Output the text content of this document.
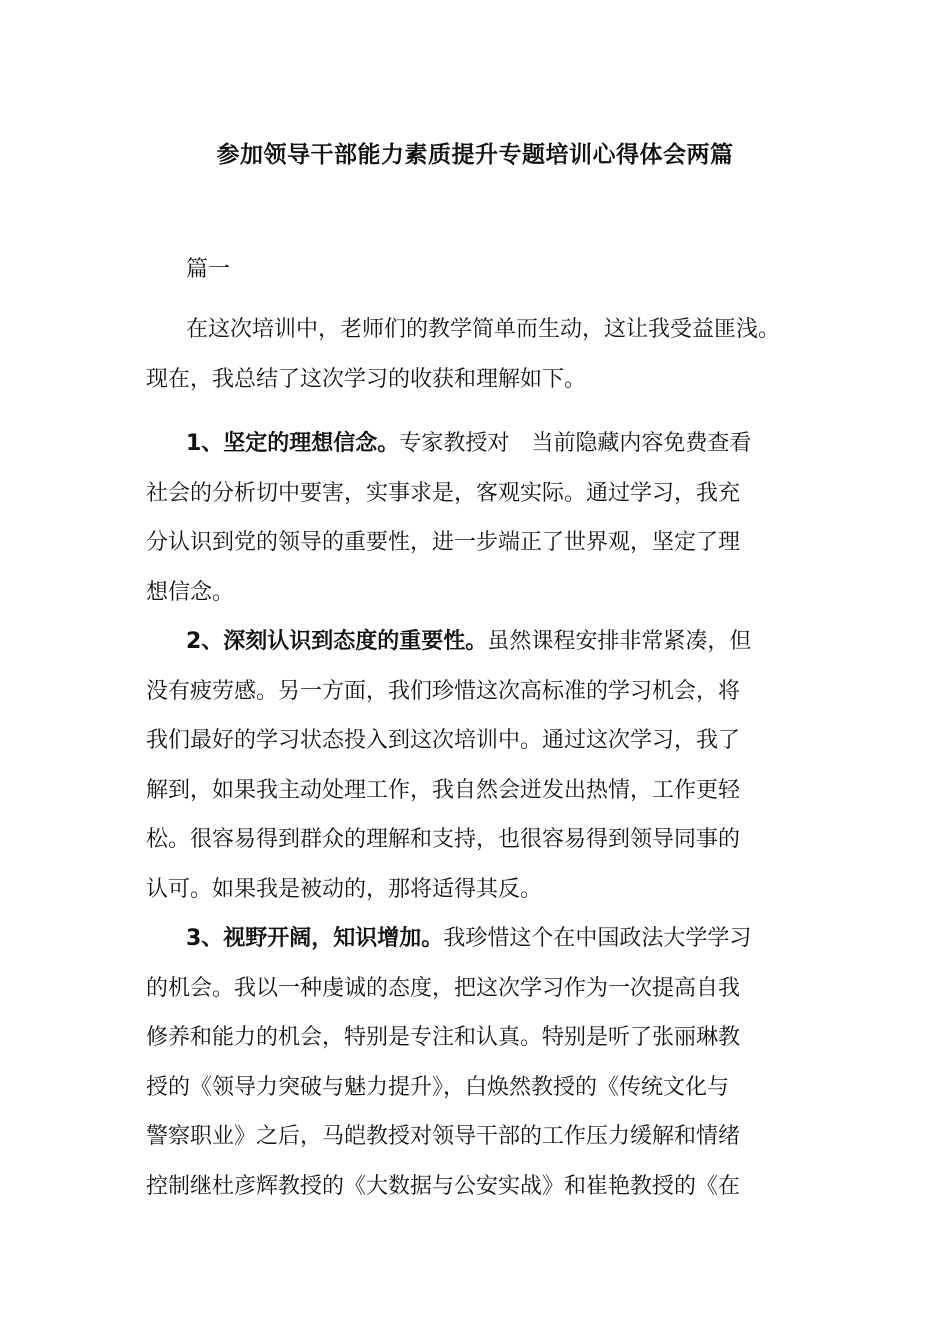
参加领导干部能力素质提升专题培训心得体会两篇
篇一
在这次培训中，老师们的教学简单而生动，这让我受益匪浅。
现在，我总结了这次学习的收获和理解如下。
1、坚定的理想信念。专家教授对　当前隐藏内容免费查看
社会的分析切中要害，实事求是，客观实际。通过学习，我充
分认识到党的领导的重要性，进一步端正了世界观，坚定了理
想信念。
2、深刻认识到态度的重要性。虽然课程安排非常紧凑，但
没有疲劳感。另一方面，我们珍惜这次高标准的学习机会，将
我们最好的学习状态投入到这次培训中。通过这次学习，我了
解到，如果我主动处理工作，我自然会迸发出热情，工作更轻
松。很容易得到群众的理解和支持，也很容易得到领导同事的
认可。如果我是被动的，那将适得其反。
3、视野开阔，知识增加。我珍惜这个在中国政法大学学习
的机会。我以一种虔诚的态度，把这次学习作为一次提高自我
修养和能力的机会，特别是专注和认真。特别是听了张丽琳教
授的《领导力突破与魅力提升》，白焕然教授的《传统文化与
警察职业》之后，马皑教授对领导干部的工作压力缓解和情绪
控制继杜彦辉教授的《大数据与公安实战》和崔艳教授的《在
